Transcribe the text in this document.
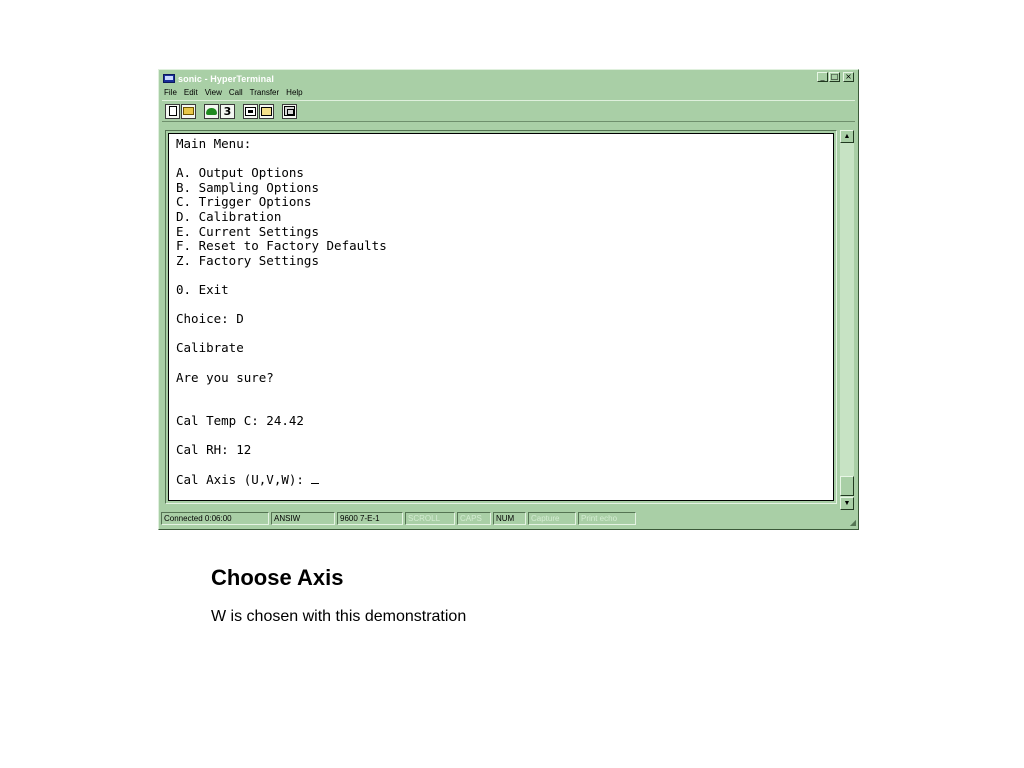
sonic - HyperTerminal	_ □ ×
File Edit View Call Transfer Help
3
Main Menu:
A. Output Options
B. Sampling Options
C. Trigger Options
D. Calibration
E. Current Settings
F. Reset to Factory Defaults
Z. Factory Settings
0. Exit
Choice: D
Calibrate
Are you sure?
Cal Temp C: 24.42
Cal RH: 12
Cal Axis (U,V,W):
▲
▼
Connected 0:06:00	ANSIW	9600 7-E-1	SCROLL	CAPS	NUM	Capture	Print echo	◢
Choose Axis

W is chosen with this demonstration
